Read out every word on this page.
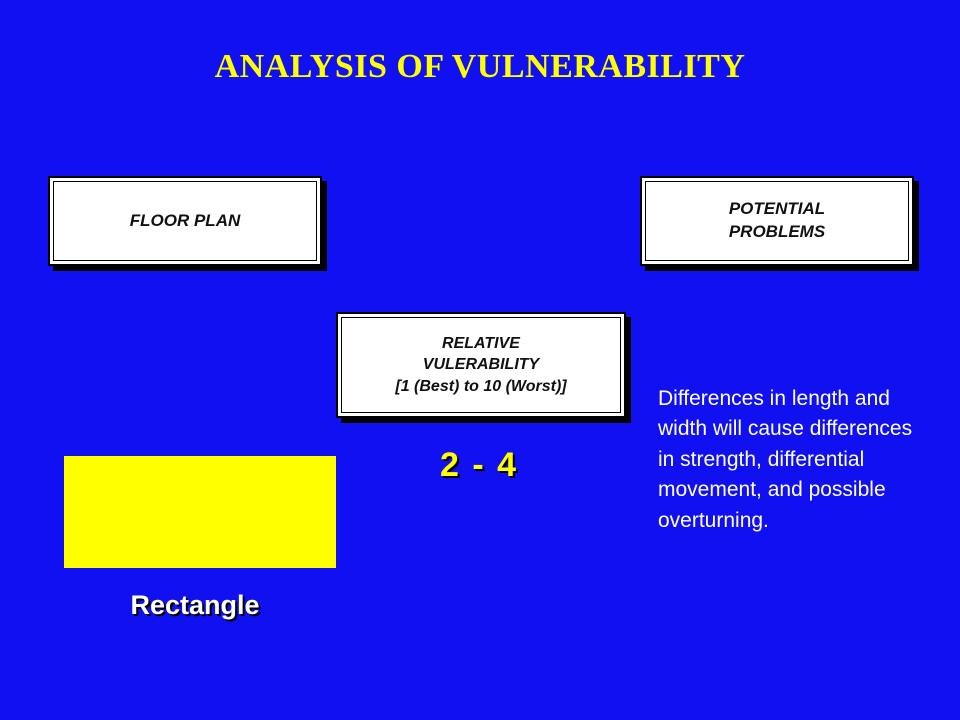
ANALYSIS OF VULNERABILITY
FLOOR PLAN
POTENTIAL
PROBLEMS
RELATIVE
VULERABILITY
[1 (Best) to 10 (Worst)]
2 - 4
Rectangle
Differences in length and width will cause differences in strength, differential movement, and possible overturning.
